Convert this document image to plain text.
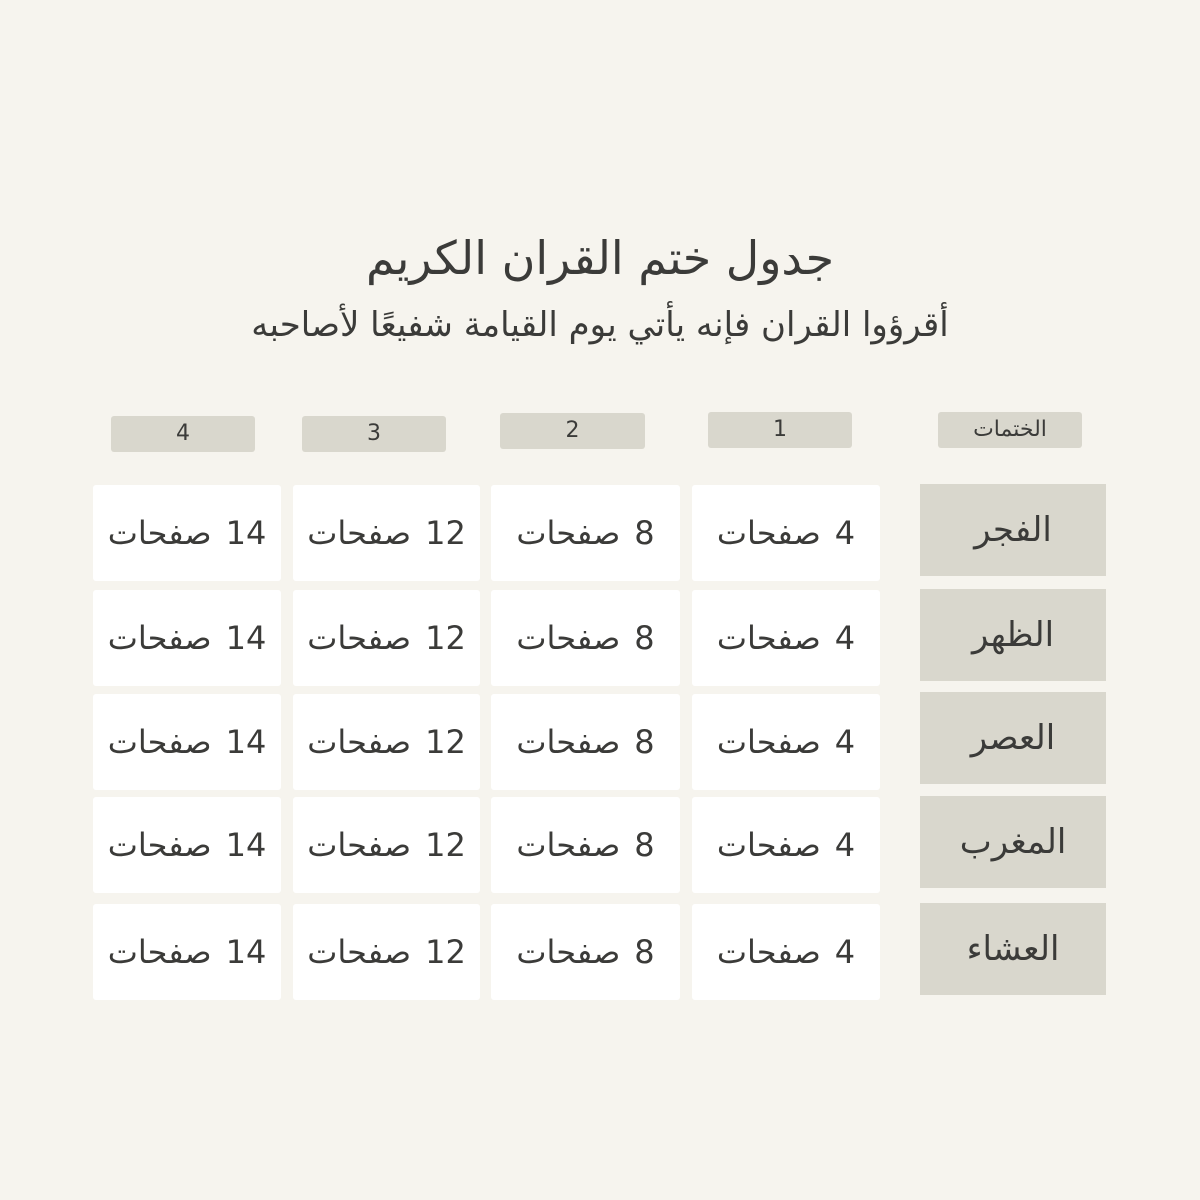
جدول ختم القران الكريم
أقرؤوا القران فإنه يأتي يوم القيامة شفيعًا لأصاحبه
الختمات
1
2
3
4
الفجر
4
صفحات
8
صفحات
12
صفحات
14
صفحات
الظهر
4
صفحات
8
صفحات
12
صفحات
14
صفحات
العصر
4
صفحات
8
صفحات
12
صفحات
14
صفحات
المغرب
4
صفحات
8
صفحات
12
صفحات
14
صفحات
العشاء
4
صفحات
8
صفحات
12
صفحات
14
صفحات
